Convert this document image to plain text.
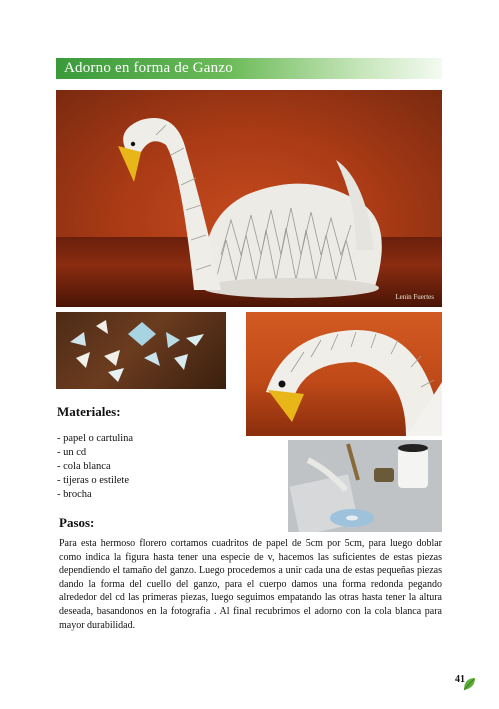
Adorno en forma de Ganzo
Lenin Fuertes
Materiales:
- papel o cartulina
- un cd
- cola blanca
- tijeras o estilete
- brocha
Pasos:

Para esta hermoso florero cortamos cuadritos de papel de 5cm por 5cm, para luego doblar como indica la figura hasta tener una especie de v, hacemos las suficientes de estas piezas dependiendo el tamaño del ganzo. Luego procedemos a unir cada una de estas pequeñas piezas dando la forma del cuello del ganzo, para el cuerpo damos una forma redonda pegando alrededor del cd las primeras piezas, luego seguimos empatando las otras hasta tener la altura deseada, basandonos en la fotografia . Al final recubrimos el adorno con la cola blanca para mayor durabilidad.

41
